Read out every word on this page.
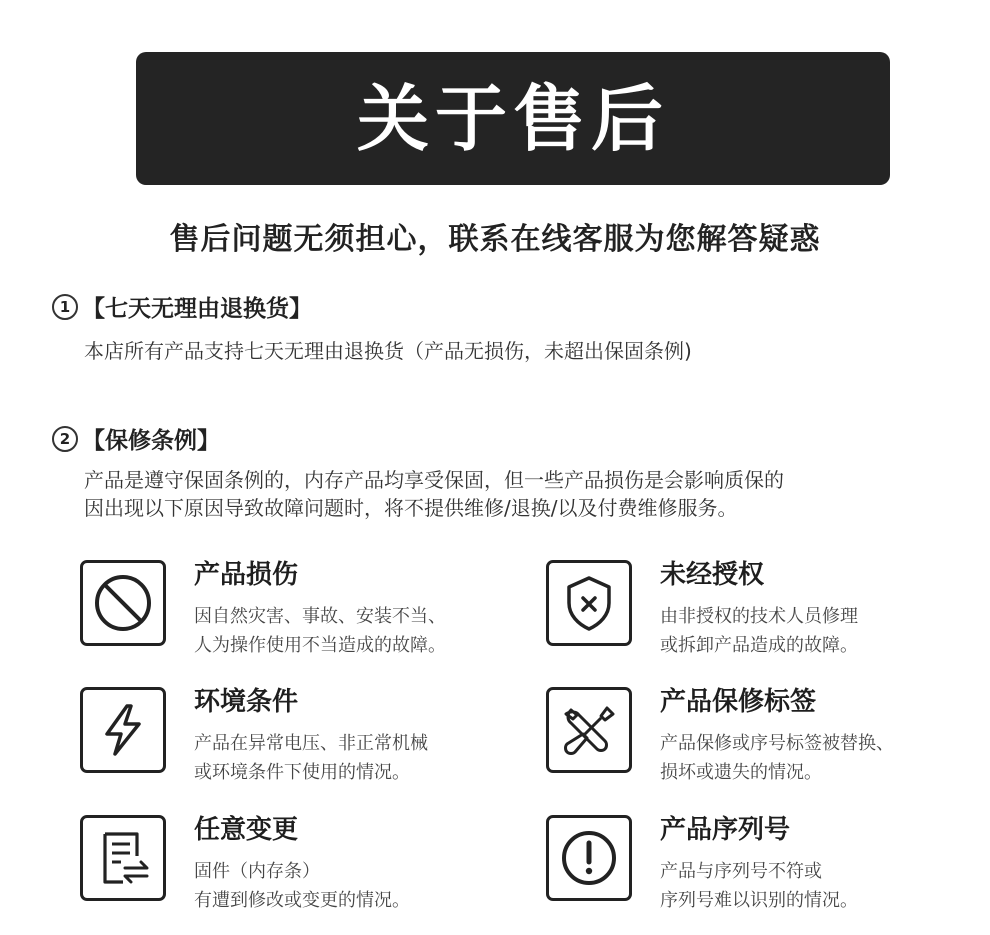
关于售后
售后问题无须担心，联系在线客服为您解答疑惑
1 【七天无理由退换货】
本店所有产品支持七天无理由退换货（产品无损伤，未超出保固条例)
2 【保修条例】
产品是遵守保固条例的，内存产品均享受保固，但一些产品损伤是会影响质保的
因出现以下原因导致故障问题时，将不提供维修/退换/以及付费维修服务。
产品损伤
因自然灾害、事故、安装不当、
人为操作使用不当造成的故障。
未经授权
由非授权的技术人员修理
或拆卸产品造成的故障。
环境条件
产品在异常电压、非正常机械
或环境条件下使用的情况。
产品保修标签
产品保修或序号标签被替换、
损坏或遗失的情况。
任意变更
固件（内存条）
有遭到修改或变更的情况。
产品序列号
产品与序列号不符或
序列号难以识别的情况。
